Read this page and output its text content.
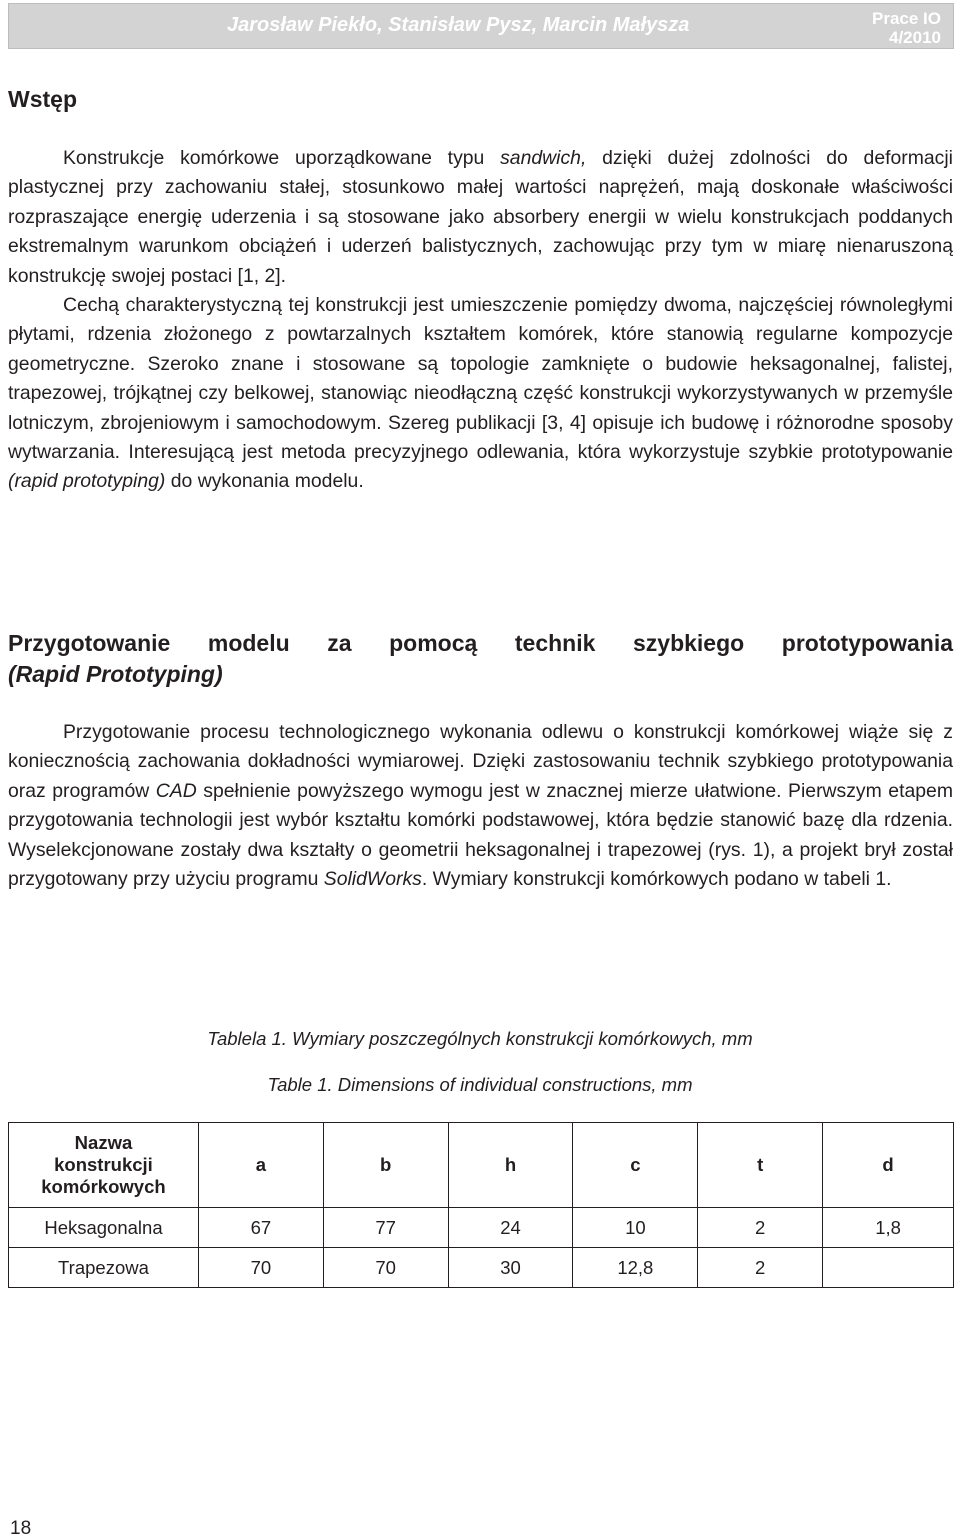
Jarosław Piekło, Stanisław Pysz, Marcin Małysza	Prace IO
4/2010
Wstęp

Konstrukcje komórkowe uporządkowane typu sandwich, dzięki dużej zdolności do deformacji plastycznej przy zachowaniu stałej, stosunkowo małej wartości naprężeń, mają doskonałe właściwości rozpraszające energię uderzenia i są stosowane jako absorbery energii w wielu konstrukcjach poddanych ekstremalnym warunkom obciążeń i uderzeń balistycznych, zachowując przy tym w miarę nienaruszoną konstrukcję swojej postaci [1, 2].

Cechą charakterystyczną tej konstrukcji jest umieszczenie pomiędzy dwoma, najczęściej równoległymi płytami, rdzenia złożonego z powtarzalnych kształtem komórek, które stanowią regularne kompozycje geometryczne. Szeroko znane i stosowane są topologie zamknięte o budowie heksagonalnej, falistej, trapezowej, trójkątnej czy belkowej, stanowiąc nieodłączną część konstrukcji wykorzystywanych w przemyśle lotniczym, zbrojeniowym i samochodowym. Szereg publikacji [3, 4] opisuje ich budowę i różnorodne sposoby wytwarzania. Interesującą jest metoda precyzyjnego odlewania, która wykorzystuje szybkie prototypowanie (rapid prototyping) do wykonania modelu.

Przygotowanie modelu za pomocą technik szybkiego prototypowania
(Rapid Prototyping)

Przygotowanie procesu technologicznego wykonania odlewu o konstrukcji komórkowej wiąże się z koniecznością zachowania dokładności wymiarowej. Dzięki zastosowaniu technik szybkiego prototypowania oraz programów CAD spełnienie powyższego wymogu jest w znacznej mierze ułatwione. Pierwszym etapem przygotowania technologii jest wybór kształtu komórki podstawowej, która będzie stanowić bazę dla rdzenia. Wyselekcjonowane zostały dwa kształty o geometrii heksagonalnej i trapezowej (rys. 1), a projekt brył został przygotowany przy użyciu programu SolidWorks. Wymiary konstrukcji komórkowych podano w tabeli 1.

Tablela 1. Wymiary poszczególnych konstrukcji komórkowych, mm
Table 1. Dimensions of individual constructions, mm
Nazwa konstrukcji komórkowych	a	b	h	c	t	d
Heksagonalna	67	77	24	10	2	1,8
Trapezowa	70	70	30	12,8	2	
18
